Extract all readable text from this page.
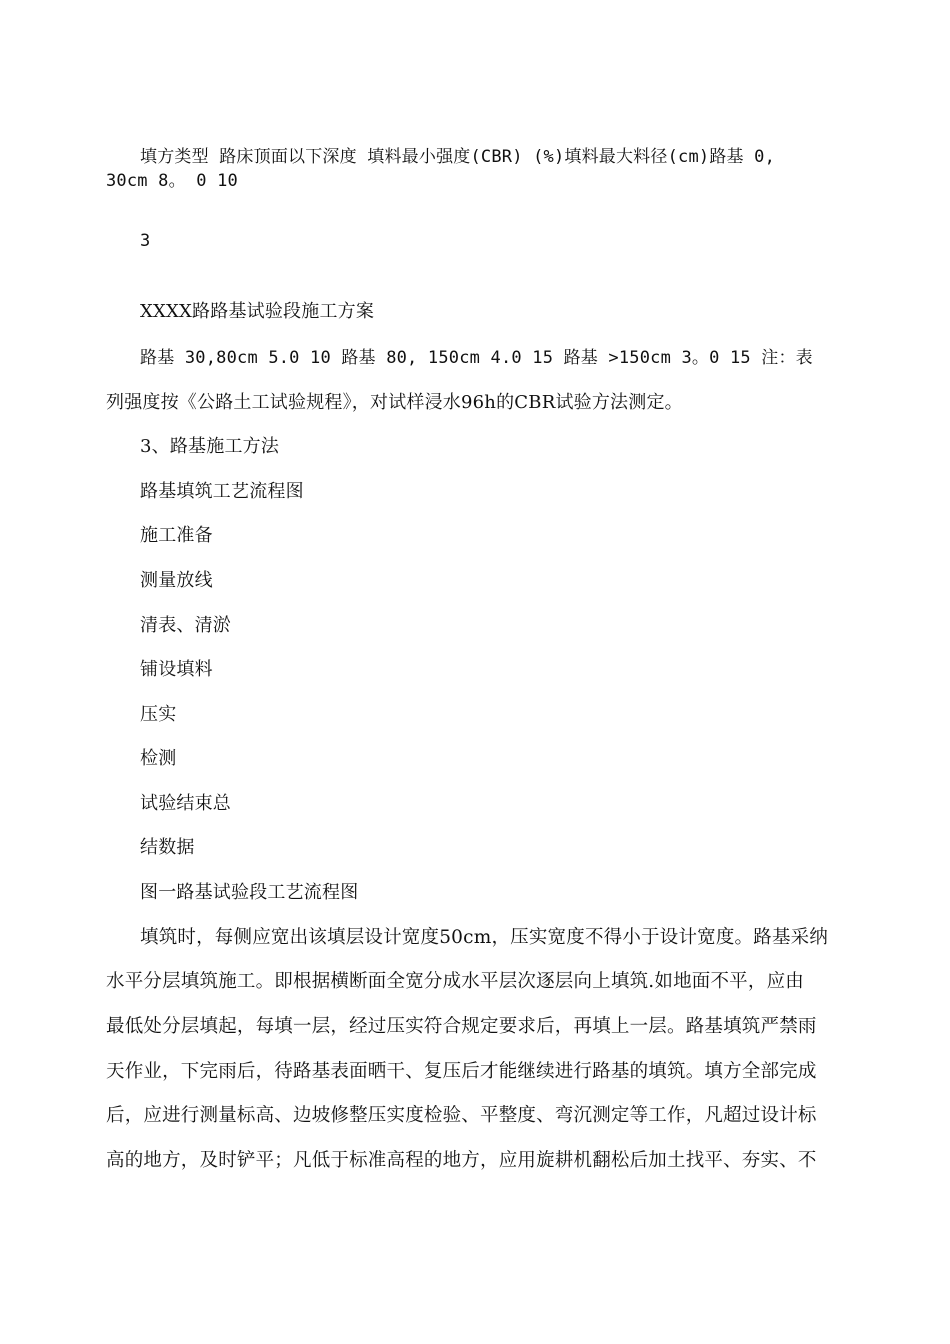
填方类型 路床顶面以下深度 填料最小强度(CBR) (%)填料最大料径(cm)路基 0,
30cm 8。 0 10
3
XXXX路路基试验段施工方案
路基 30,80cm 5.0 10 路基 80, 150cm 4.0 15 路基 >150cm 3。0 15 注：表
列强度按《公路土工试验规程》，对试样浸水96h的CBR试验方法测定。
3、路基施工方法
路基填筑工艺流程图
施工准备
测量放线
清表、清淤
铺设填料
压实
检测
试验结束总
结数据
图一路基试验段工艺流程图
填筑时，每侧应宽出该填层设计宽度50cm，压实宽度不得小于设计宽度。路基采纳
水平分层填筑施工。即根据横断面全宽分成水平层次逐层向上填筑.如地面不平，应由
最低处分层填起，每填一层，经过压实符合规定要求后，再填上一层。路基填筑严禁雨
天作业，下完雨后，待路基表面晒干、复压后才能继续进行路基的填筑。填方全部完成
后，应进行测量标高、边坡修整压实度检验、平整度、弯沉测定等工作，凡超过设计标
高的地方，及时铲平；凡低于标准高程的地方，应用旋耕机翻松后加土找平、夯实、不
